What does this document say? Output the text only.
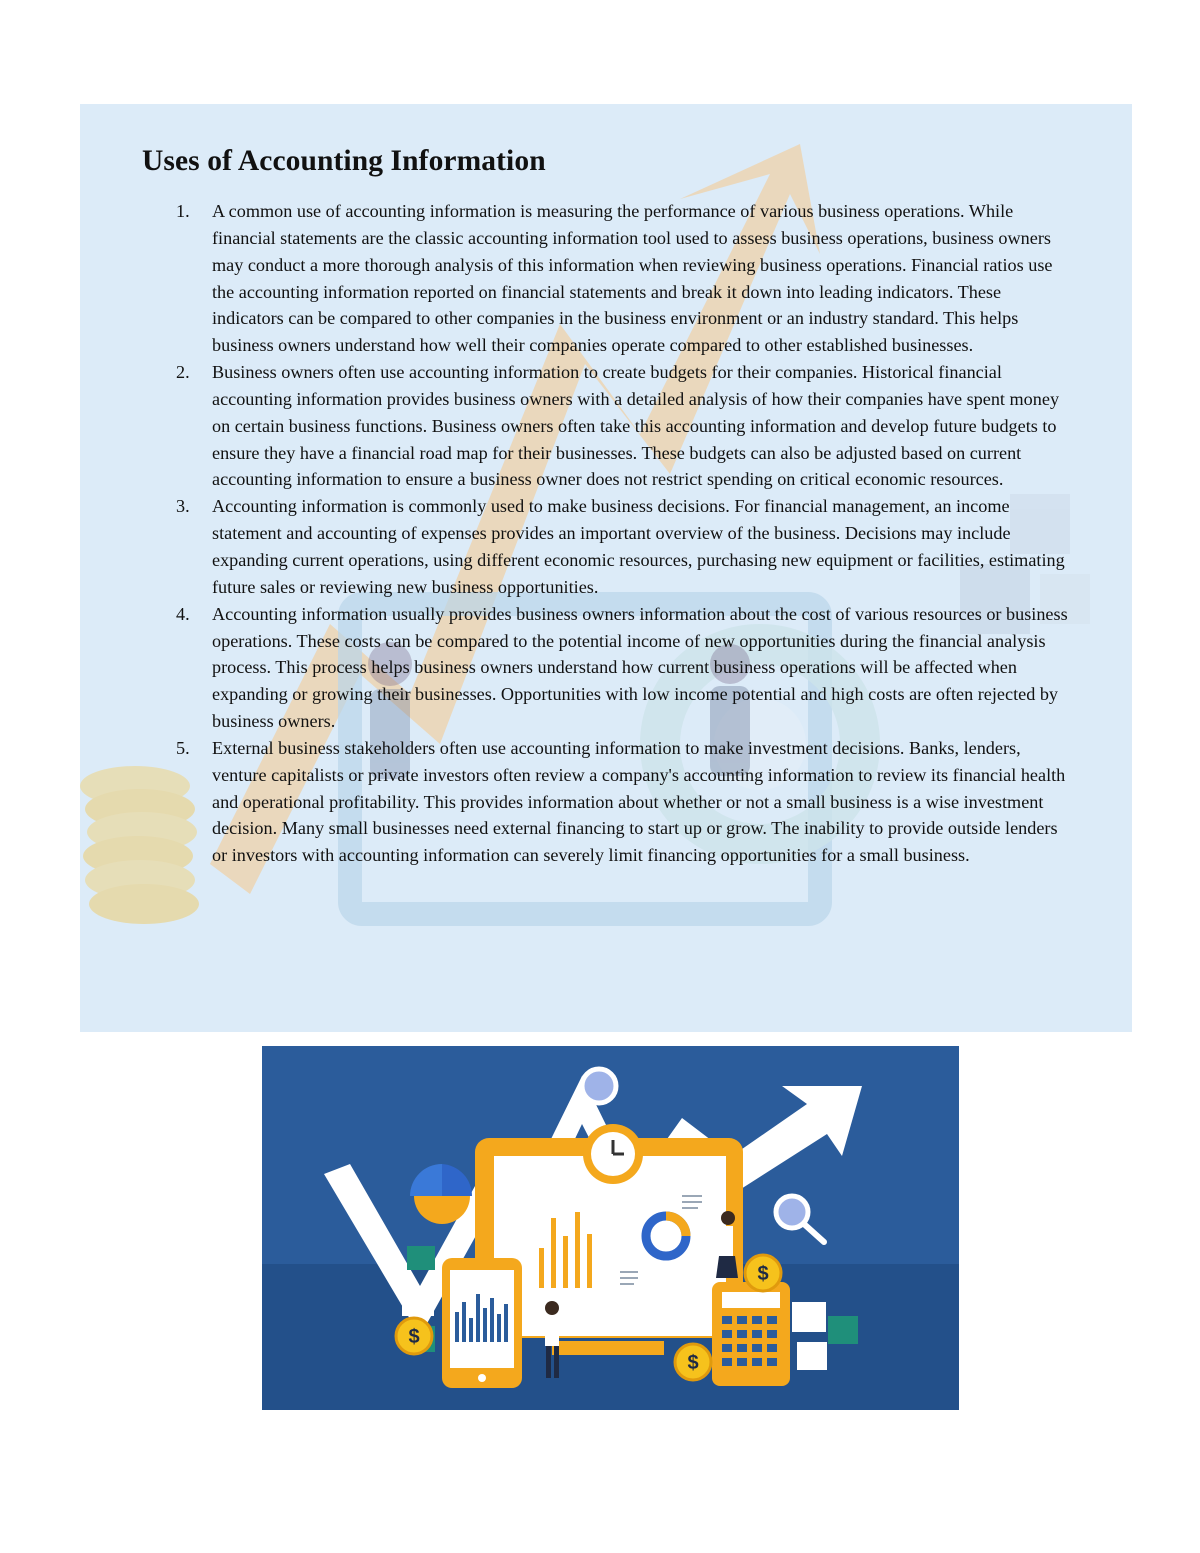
Uses of Accounting Information
1. A common use of accounting information is measuring the performance of various business operations. While financial statements are the classic accounting information tool used to assess business operations, business owners may conduct a more thorough analysis of this information when reviewing business operations. Financial ratios use the accounting information reported on financial statements and break it down into leading indicators. These indicators can be compared to other companies in the business environment or an industry standard. This helps business owners understand how well their companies operate compared to other established businesses.
2. Business owners often use accounting information to create budgets for their companies. Historical financial accounting information provides business owners with a detailed analysis of how their companies have spent money on certain business functions. Business owners often take this accounting information and develop future budgets to ensure they have a financial road map for their businesses. These budgets can also be adjusted based on current accounting information to ensure a business owner does not restrict spending on critical economic resources.
3. Accounting information is commonly used to make business decisions. For financial management, an income statement and accounting of expenses provides an important overview of the business. Decisions may include expanding current operations, using different economic resources, purchasing new equipment or facilities, estimating future sales or reviewing new business opportunities.
4. Accounting information usually provides business owners information about the cost of various resources or business operations. These costs can be compared to the potential income of new opportunities during the financial analysis process. This process helps business owners understand how current business operations will be affected when expanding or growing their businesses. Opportunities with low income potential and high costs are often rejected by business owners.
5. External business stakeholders often use accounting information to make investment decisions. Banks, lenders, venture capitalists or private investors often review a company's accounting information to review its financial health and operational profitability. This provides information about whether or not a small business is a wise investment decision. Many small businesses need external financing to start up or grow. The inability to provide outside lenders or investors with accounting information can severely limit financing opportunities for a small business.
$
$
$
